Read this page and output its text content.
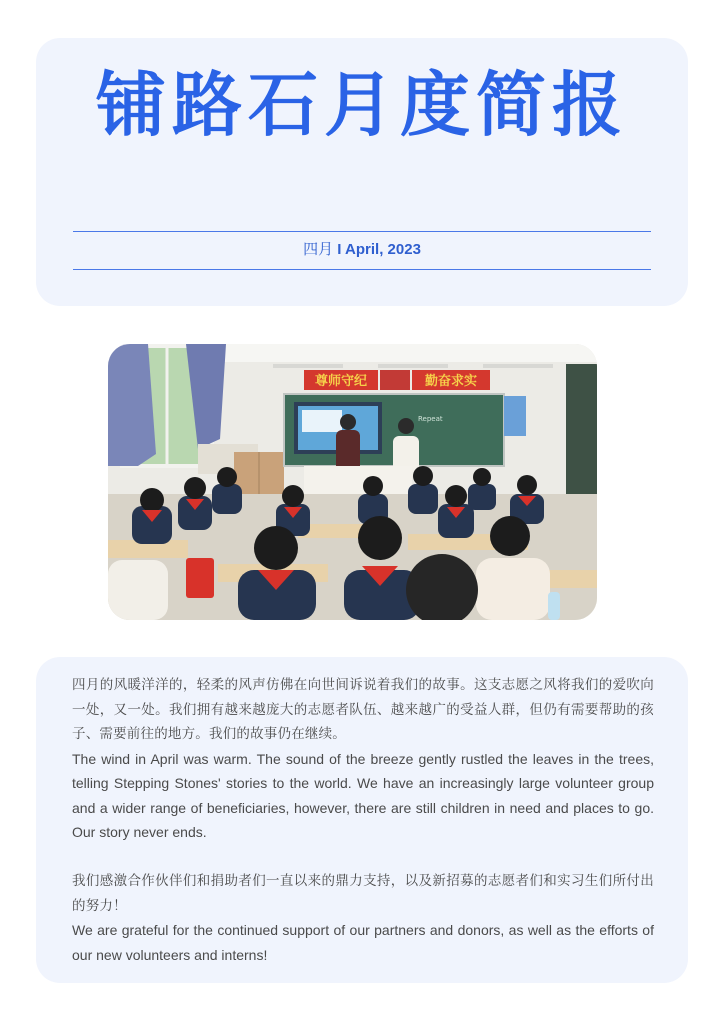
铺路石月度简报
四月 I April, 2023
尊师守纪	勤奋求实
Repeat
四月的风暖洋洋的，轻柔的风声仿佛在向世间诉说着我们的故事。这支志愿之风将我们的爱吹向一处，又一处。我们拥有越来越庞大的志愿者队伍、越来越广的受益人群，但仍有需要帮助的孩子、需要前往的地方。我们的故事仍在继续。
The wind in April was warm. The sound of the breeze gently rustled the leaves in the trees, telling Stepping Stones' stories to the world. We have an increasingly large volunteer group and a wider range of beneficiaries, however, there are still children in need and places to go. Our story never ends.
我们感激合作伙伴们和捐助者们一直以来的鼎力支持，以及新招募的志愿者们和实习生们所付出的努力！
We are grateful for the continued support of our partners and donors, as well as the efforts of our new volunteers and interns!
